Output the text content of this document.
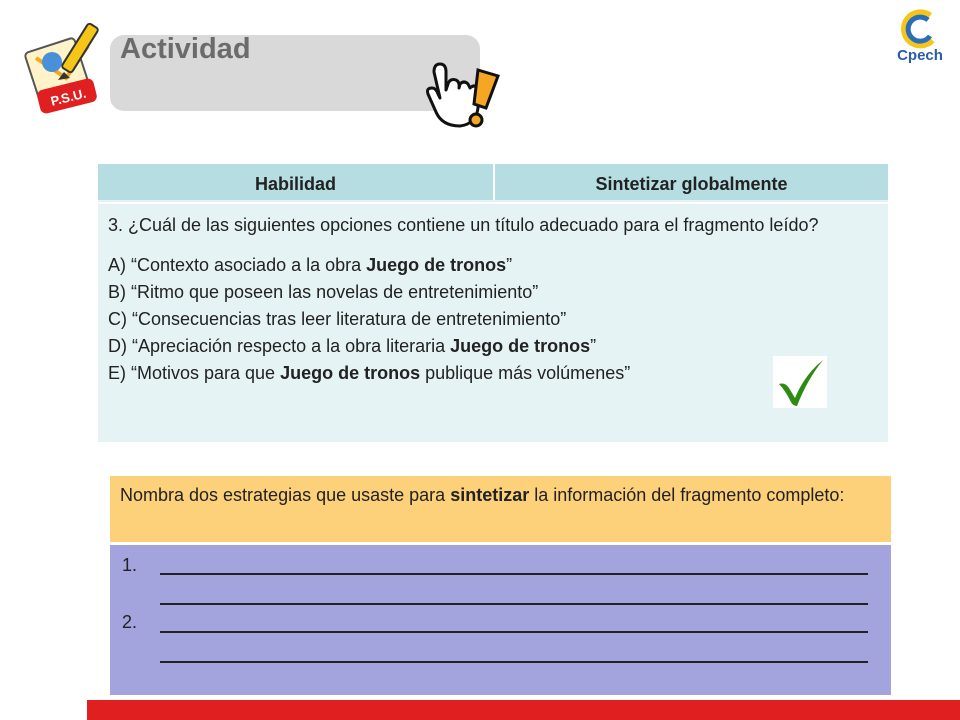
P.S.U.
Actividad	Cpech
Habilidad	Sintetizar globalmente

3. ¿Cuál de las siguientes opciones contiene un título adecuado para el fragmento leído?

A) “Contexto asociado a la obra Juego de tronos”
B) “Ritmo que poseen las novelas de entretenimiento”
C) “Consecuencias tras leer literatura de entretenimiento”
D) “Apreciación respecto a la obra literaria Juego de tronos”
E) “Motivos para que Juego de tronos publique más volúmenes”
Nombra dos estrategias que usaste para sintetizar la información del fragmento completo:
1.
2.
